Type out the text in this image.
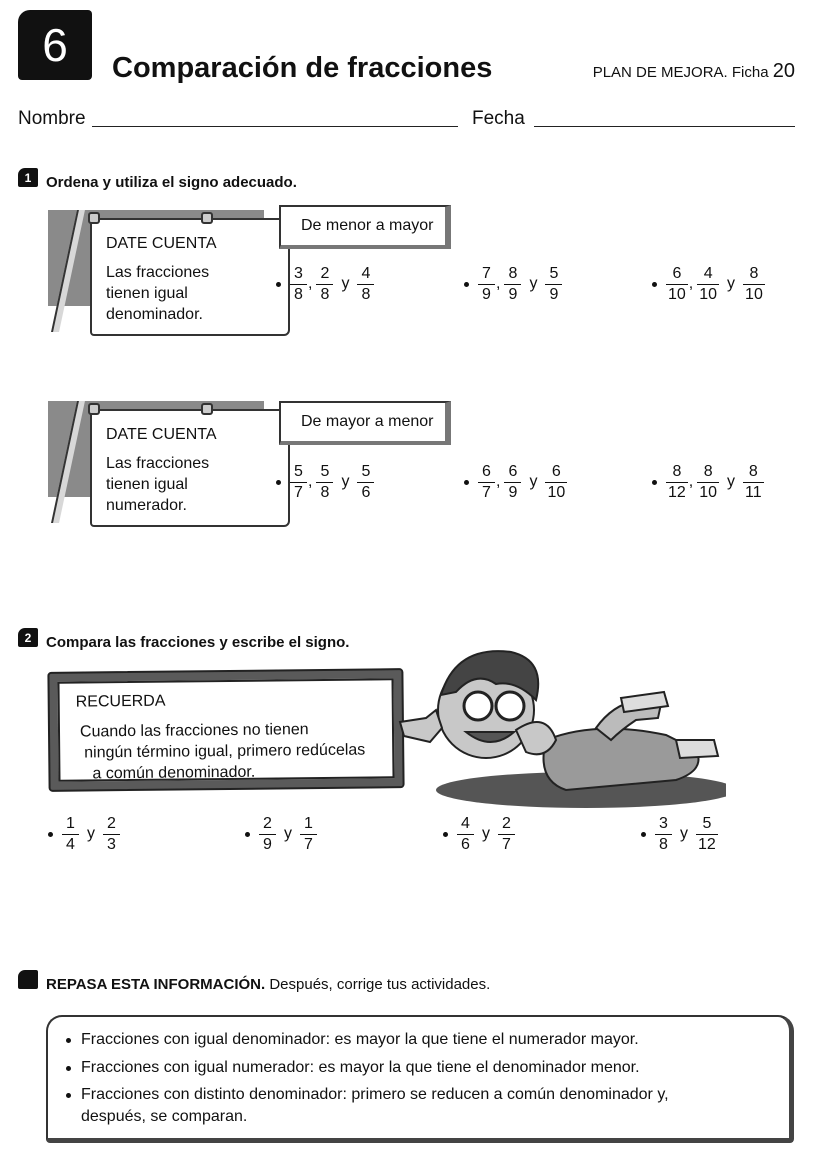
6 Comparación de fracciones	PLAN DE MEJORA. Ficha 20
Nombre	Fecha
1 Ordena y utiliza el signo adecuado.
DATE CUENTA
Las fracciones
tienen igual
denominador.
De menor a mayor
$\frac{3}{8}$ , $\frac{2}{8}$ y $\frac{4}{8}$	$\frac{7}{9}$ , $\frac{8}{9}$ y $\frac{5}{9}$	$\frac{6}{10}$ , $\frac{4}{10}$ y $\frac{8}{10}$
DATE CUENTA
Las fracciones
tienen igual
numerador.
De mayor a menor
$\frac{5}{7}$ , $\frac{5}{8}$ y $\frac{5}{6}$	$\frac{6}{7}$ , $\frac{6}{9}$ y $\frac{6}{10}$	$\frac{8}{12}$ , $\frac{8}{10}$ y $\frac{8}{11}$
2 Compara las fracciones y escribe el signo.
RECUERDA
Cuando las fracciones no tienen
ningún término igual, primero redúcelas
a común denominador.
$\frac{1}{4}$ y $\frac{2}{3}$	$\frac{2}{9}$ y $\frac{1}{7}$	$\frac{4}{6}$ y $\frac{2}{7}$	$\frac{3}{8}$ y $\frac{5}{12}$
REPASA ESTA INFORMACIÓN. Después, corrige tus actividades.
Fracciones con igual denominador: es mayor la que tiene el numerador mayor.
Fracciones con igual numerador: es mayor la que tiene el denominador menor.
Fracciones con distinto denominador: primero se reducen a común denominador y, después, se comparan.
